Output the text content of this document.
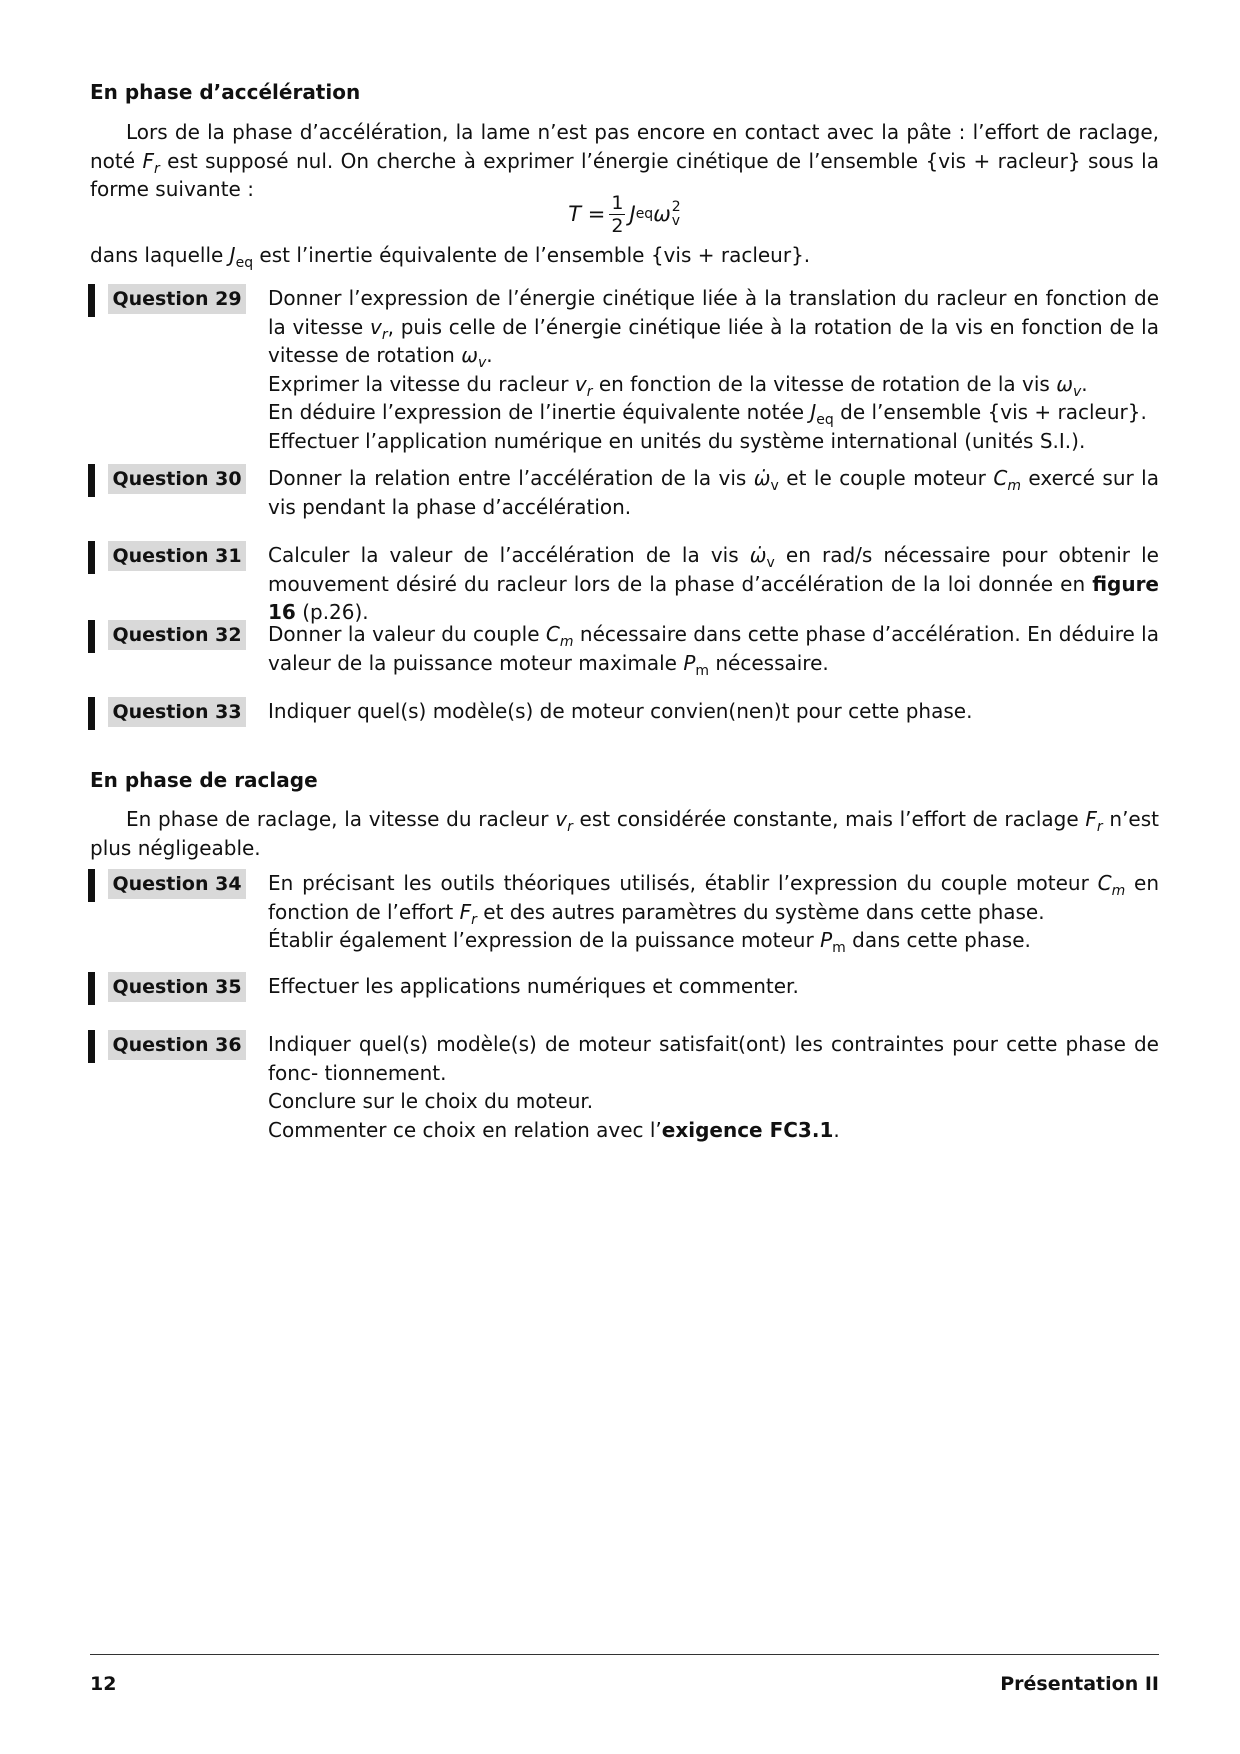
En phase d’accélération
Lors de la phase d’accélération, la lame n’est pas encore en contact avec la pâte : l’effort de raclage, noté $F_r$ est supposé nul. On cherche à exprimer l’énergie cinétique de l’ensemble {vis + racleur} sous la forme suivante :
$T = \frac{1}{2}$ J eq ω 2
v
dans laquelle $J_{eq}$ est l’inertie équivalente de l’ensemble {vis + racleur}.
Question 29 Donner l’expression de l’énergie cinétique liée à la translation du racleur en fonction de la vitesse $v_r$, puis celle de l’énergie cinétique liée à la rotation de la vis en fonction de la vitesse de rotation $\omega_v$.
Exprimer la vitesse du racleur $v_r$ en fonction de la vitesse de rotation de la vis $\omega_v$.
En déduire l’expression de l’inertie équivalente notée $J_{eq}$ de l’ensemble {vis + racleur}.
Effectuer l’application numérique en unités du système international (unités S.I.).
Question 30 Donner la relation entre l’accélération de la vis $\omegȧ_v$ et le couple moteur $C_m$ exercé sur la vis pendant la phase d’accélération.
Question 31 Calculer la valeur de l’accélération de la vis $\omegȧ_v$ en rad/s nécessaire pour obtenir le mouvement désiré du racleur lors de la phase d’accélération de la loi donnée en figure 16 (p.26).
Question 32 Donner la valeur du couple $C_m$ nécessaire dans cette phase d’accélération. En déduire la valeur de la puissance moteur maximale $P_m$ nécessaire.
Question 33 Indiquer quel(s) modèle(s) de moteur convien(nen)t pour cette phase.
En phase de raclage
En phase de raclage, la vitesse du racleur $v_r$ est considérée constante, mais l’effort de raclage $F_r$ n’est plus négligeable.
Question 34 En précisant les outils théoriques utilisés, établir l’expression du couple moteur $C_m$ en fonction de l’effort $F_r$ et des autres paramètres du système dans cette phase.
Établir également l’expression de la puissance moteur $P_m$ dans cette phase.
Question 35 Effectuer les applications numériques et commenter.
Question 36 Indiquer quel(s) modèle(s) de moteur satisfait(ont) les contraintes pour cette phase de fonc- tionnement.
Conclure sur le choix du moteur.
Commenter ce choix en relation avec l’exigence FC3.1.
12	Présentation II
